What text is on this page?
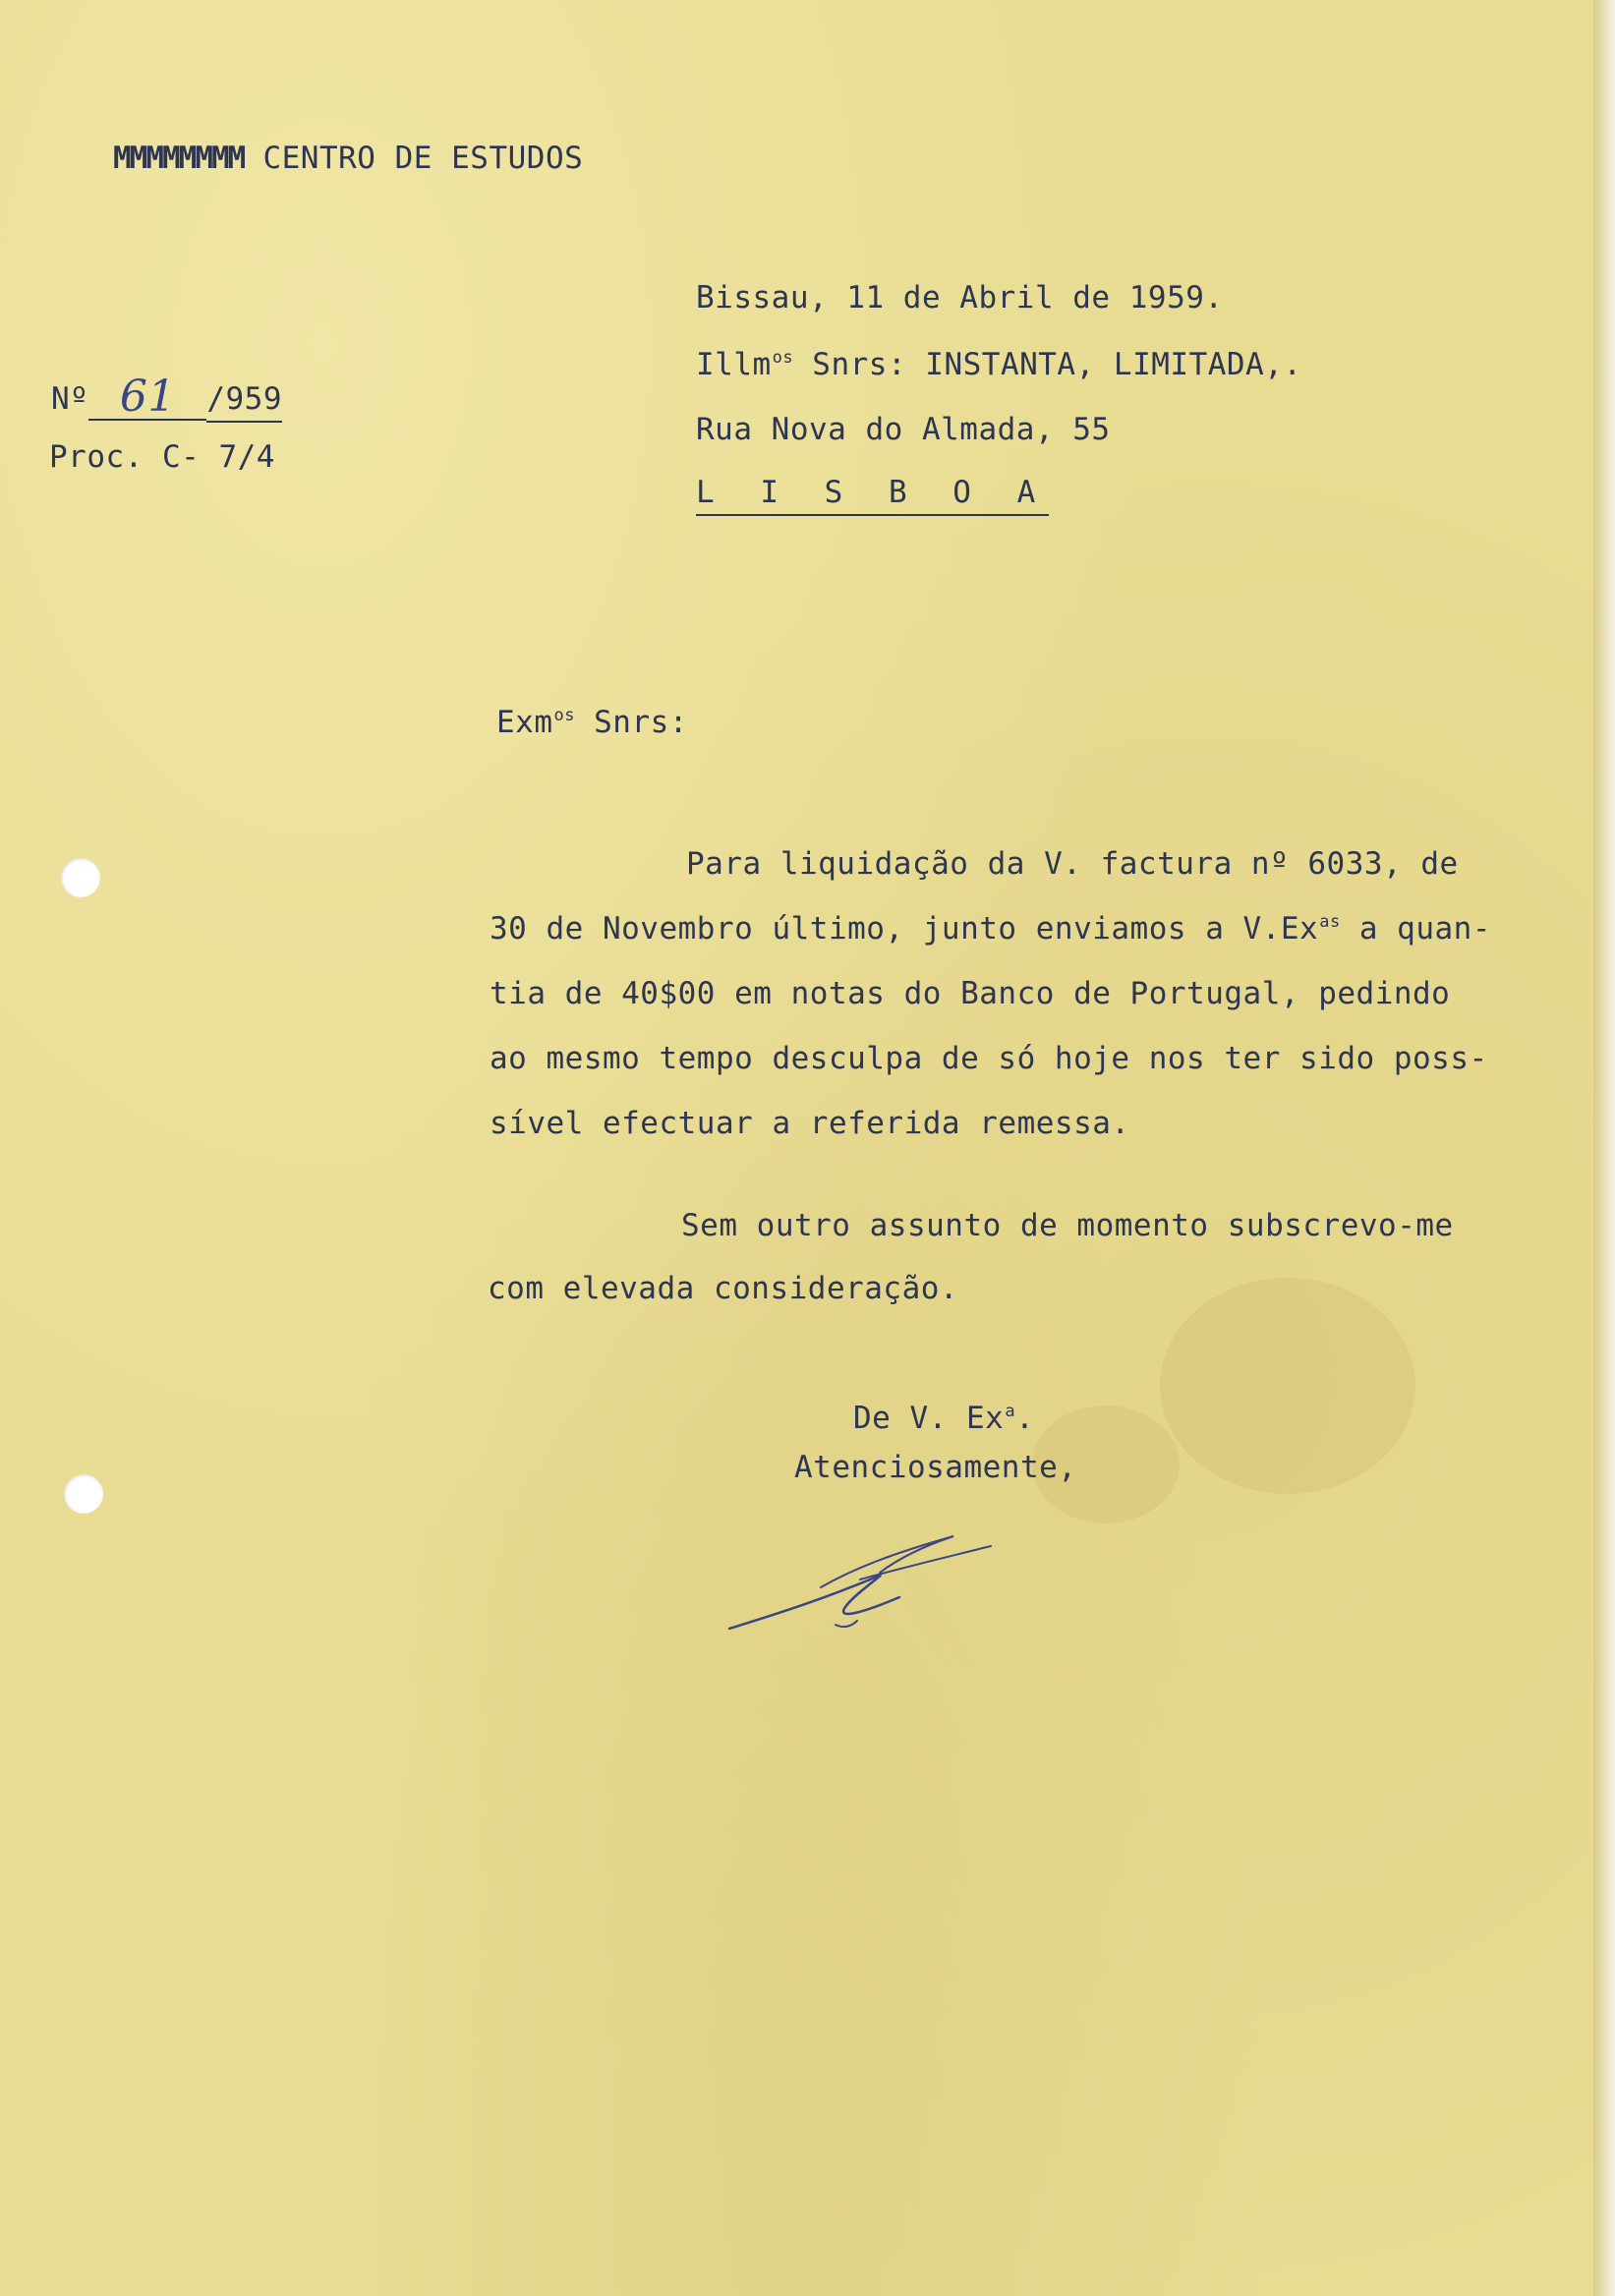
MMMMMMMM CENTRO DE ESTUDOS
Nº 61 /959
Proc. C- 7/4
Bissau, 11 de Abril de 1959.
Illm$^{os}$ Snrs: INSTANTA, LIMITADA,.
Rua Nova do Almada, 55
L I S B O A
Exm$^{os}$ Snrs:
Para liquidação da V. factura nº 6033, de
30 de Novembro último, junto enviamos a $V.Ex^{as}$ a quan-
tia de 40$00 em notas do Banco de Portugal, pedindo
ao mesmo tempo desculpa de só hoje nos ter sido poss-
sível efectuar a referida remessa.
Sem outro assunto de momento subscrevo-me
com elevada consideração.
De V. Ex$^a$.
Atenciosamente,
